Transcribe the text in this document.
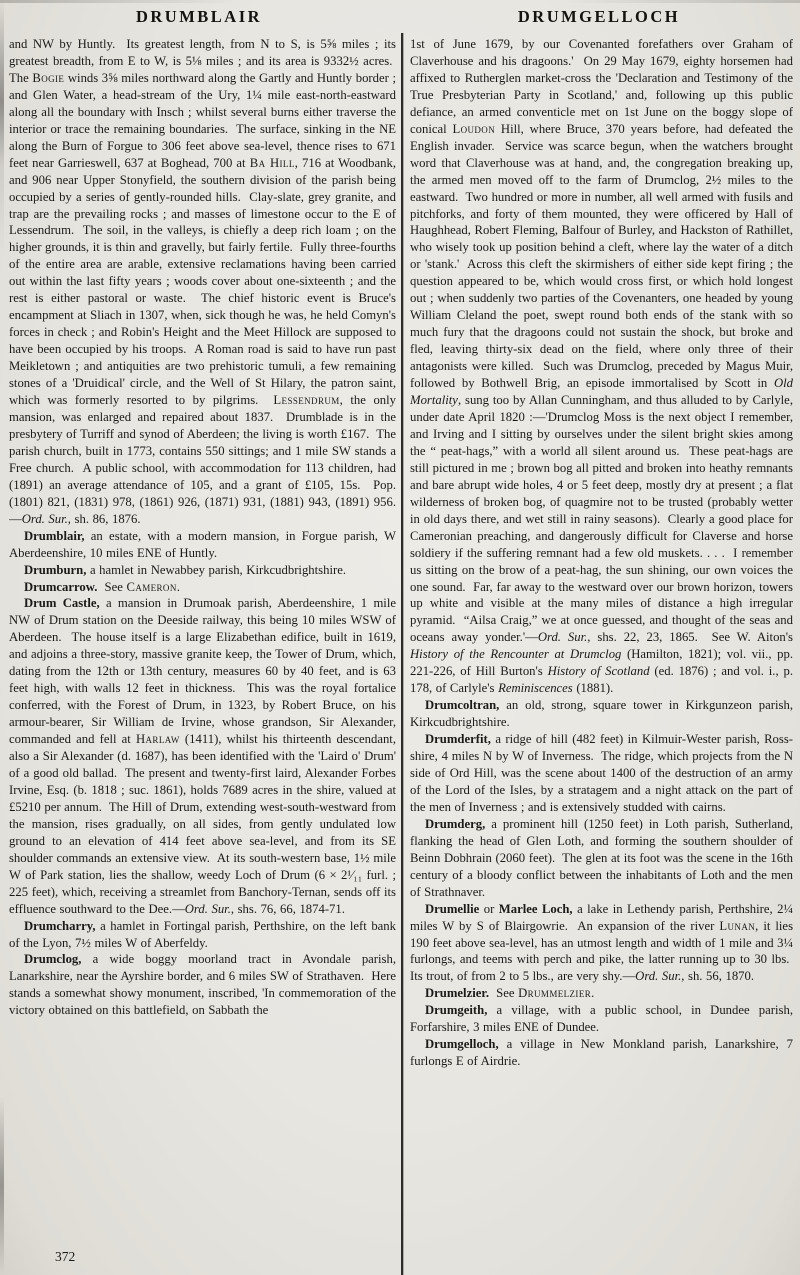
DRUMBLAIR	DRUMGELLOCH

and NW by Huntly.  Its greatest length, from N to S, is 5⅝ miles ; its greatest breadth, from E to W, is 5⅛ miles ; and its area is 9332½ acres.  The Bogie winds 3⅝ miles northward along the Gartly and Huntly border ; and Glen Water, a head-stream of the Ury, 1¼ mile east-north-eastward along all the boundary with Insch ; whilst several burns either traverse the interior or trace the remaining boundaries.  The surface, sinking in the NE along the Burn of Forgue to 306 feet above sea-level, thence rises to 671 feet near Garrieswell, 637 at Boghead, 700 at Ba Hill, 716 at Woodbank, and 906 near Upper Stonyfield, the southern division of the parish being occupied by a series of gently-rounded hills.  Clay-slate, grey granite, and trap are the prevailing rocks ; and masses of limestone occur to the E of Lessendrum.  The soil, in the valleys, is chiefly a deep rich loam ; on the higher grounds, it is thin and gravelly, but fairly fertile.  Fully three-fourths of the entire area are arable, extensive reclamations having been carried out within the last fifty years ; woods cover about one-sixteenth ; and the rest is either pastoral or waste.  The chief historic event is Bruce's encampment at Sliach in 1307, when, sick though he was, he held Comyn's forces in check ; and Robin's Height and the Meet Hillock are supposed to have been occupied by his troops.  A Roman road is said to have run past Meikletown ; and antiquities are two prehistoric tumuli, a few remaining stones of a 'Druidical' circle, and the Well of St Hilary, the patron saint, which was formerly resorted to by pilgrims.  Lessendrum, the only mansion, was enlarged and repaired about 1837.  Drumblade is in the presbytery of Turriff and synod of Aberdeen; the living is worth £167.  The parish church, built in 1773, contains 550 sittings; and 1 mile SW stands a Free church.  A public school, with accommodation for 113 children, had (1891) an average attendance of 105, and a grant of £105, 15s.  Pop. (1801) 821, (1831) 978, (1861) 926, (1871) 931, (1881) 943, (1891) 956.—Ord. Sur., sh. 86, 1876.

Drumblair, an estate, with a modern mansion, in Forgue parish, W Aberdeenshire, 10 miles ENE of Huntly.

Drumburn, a hamlet in Newabbey parish, Kirkcudbrightshire.

Drumcarrow.  See Cameron.

Drum Castle, a mansion in Drumoak parish, Aberdeenshire, 1 mile NW of Drum station on the Deeside railway, this being 10 miles WSW of Aberdeen.  The house itself is a large Elizabethan edifice, built in 1619, and adjoins a three-story, massive granite keep, the Tower of Drum, which, dating from the 12th or 13th century, measures 60 by 40 feet, and is 63 feet high, with walls 12 feet in thickness.  This was the royal fortalice conferred, with the Forest of Drum, in 1323, by Robert Bruce, on his armour-bearer, Sir William de Irvine, whose grandson, Sir Alexander, commanded and fell at Harlaw (1411), whilst his thirteenth descendant, also a Sir Alexander (d. 1687), has been identified with the 'Laird o' Drum' of a good old ballad.  The present and twenty-first laird, Alexander Forbes Irvine, Esq. (b. 1818 ; suc. 1861), holds 7689 acres in the shire, valued at £5210 per annum.  The Hill of Drum, extending west-south-westward from the mansion, rises gradually, on all sides, from gently undulated low ground to an elevation of 414 feet above sea-level, and from its SE shoulder commands an extensive view.  At its south-western base, 1½ mile W of Park station, lies the shallow, weedy Loch of Drum (6 × 2¹⁄₁₁ furl. ; 225 feet), which, receiving a streamlet from Banchory-Ternan, sends off its effluence southward to the Dee.—Ord. Sur., shs. 76, 66, 1874-71.

Drumcharry, a hamlet in Fortingal parish, Perthshire, on the left bank of the Lyon, 7½ miles W of Aberfeldy.

Drumclog, a wide boggy moorland tract in Avondale parish, Lanarkshire, near the Ayrshire border, and 6 miles SW of Strathaven.  Here stands a somewhat showy monument, inscribed, 'In commemoration of the victory obtained on this battlefield, on Sabbath the

1st of June 1679, by our Covenanted forefathers over Graham of Claverhouse and his dragoons.'  On 29 May 1679, eighty horsemen had affixed to Rutherglen market-cross the 'Declaration and Testimony of the True Presbyterian Party in Scotland,' and, following up this public defiance, an armed conventicle met on 1st June on the boggy slope of conical Loudon Hill, where Bruce, 370 years before, had defeated the English invader.  Service was scarce begun, when the watchers brought word that Claverhouse was at hand, and, the congregation breaking up, the armed men moved off to the farm of Drumclog, 2½ miles to the eastward.  Two hundred or more in number, all well armed with fusils and pitchforks, and forty of them mounted, they were officered by Hall of Haughhead, Robert Fleming, Balfour of Burley, and Hackston of Rathillet, who wisely took up position behind a cleft, where lay the water of a ditch or 'stank.'  Across this cleft the skirmishers of either side kept firing ; the question appeared to be, which would cross first, or which hold longest out ; when suddenly two parties of the Covenanters, one headed by young William Cleland the poet, swept round both ends of the stank with so much fury that the dragoons could not sustain the shock, but broke and fled, leaving thirty-six dead on the field, where only three of their antagonists were killed.  Such was Drumclog, preceded by Magus Muir, followed by Bothwell Brig, an episode immortalised by Scott in Old Mortality, sung too by Allan Cunningham, and thus alluded to by Carlyle, under date April 1820 :—'Drumclog Moss is the next object I remember, and Irving and I sitting by ourselves under the silent bright skies among the “ peat-hags,” with a world all silent around us.  These peat-hags are still pictured in me ; brown bog all pitted and broken into heathy remnants and bare abrupt wide holes, 4 or 5 feet deep, mostly dry at present ; a flat wilderness of broken bog, of quagmire not to be trusted (probably wetter in old days there, and wet still in rainy seasons).  Clearly a good place for Cameronian preaching, and dangerously difficult for Claverse and horse soldiery if the suffering remnant had a few old muskets. . . .  I remember us sitting on the brow of a peat-hag, the sun shining, our own voices the one sound.  Far, far away to the westward over our brown horizon, towers up white and visible at the many miles of distance a high irregular pyramid.  “Ailsa Craig,” we at once guessed, and thought of the seas and oceans away yonder.'—Ord. Sur., shs. 22, 23, 1865.  See W. Aiton's History of the Rencounter at Drumclog (Hamilton, 1821); vol. vii., pp. 221-226, of Hill Burton's History of Scotland (ed. 1876) ; and vol. i., p. 178, of Carlyle's Reminiscences (1881).

Drumcoltran, an old, strong, square tower in Kirkgunzeon parish, Kirkcudbrightshire.

Drumderfit, a ridge of hill (482 feet) in Kilmuir-Wester parish, Ross-shire, 4 miles N by W of Inverness.  The ridge, which projects from the N side of Ord Hill, was the scene about 1400 of the destruction of an army of the Lord of the Isles, by a stratagem and a night attack on the part of the men of Inverness ; and is extensively studded with cairns.

Drumderg, a prominent hill (1250 feet) in Loth parish, Sutherland, flanking the head of Glen Loth, and forming the southern shoulder of Beinn Dobhrain (2060 feet).  The glen at its foot was the scene in the 16th century of a bloody conflict between the inhabitants of Loth and the men of Strathnaver.

Drumellie or Marlee Loch, a lake in Lethendy parish, Perthshire, 2¼ miles W by S of Blairgowrie.  An expansion of the river Lunan, it lies 190 feet above sea-level, has an utmost length and width of 1 mile and 3¼ furlongs, and teems with perch and pike, the latter running up to 30 lbs.  Its trout, of from 2 to 5 lbs., are very shy.—Ord. Sur., sh. 56, 1870.

Drumelzier.  See Drummelzier.

Drumgeith, a village, with a public school, in Dundee parish, Forfarshire, 3 miles ENE of Dundee.

Drumgelloch, a village in New Monkland parish, Lanarkshire, 7 furlongs E of Airdrie.

372
